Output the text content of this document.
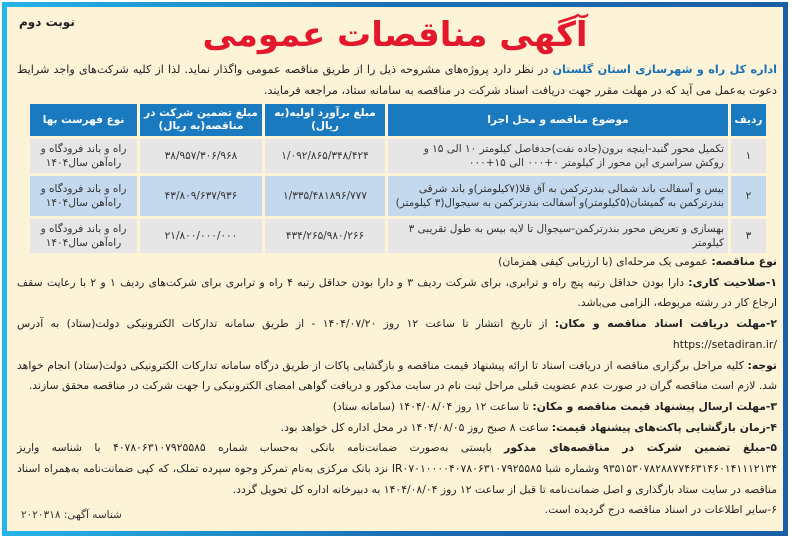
نوبت دوم	آگهی مناقصات عمومی
اداره کل راه و شهرسازی استان گلستان در نظر دارد پروژه‌های مشروحه ذیل را از طریق مناقصه عمومی واگذار نماید. لذا از کلیه شرکت‌های واجد شرایط دعوت به‌عمل می آید که در مهلت مقرر جهت دریافت اسناد شرکت در مناقصه به سامانه ستاد، مراجعه فرمایند.
ردیف	موضوع مناقصه و محل اجرا	مبلغ برآورد اولیه(به ریال)	مبلغ تضمین شرکت در مناقصه(به ریال)	نوع فهرست بها
۱	تکمیل محور گنبد-اینچه برون(جاده نفت)حدفاصل کیلومتر ۱۰ الی ۱۵ و روکش سراسری این محور از کیلومتر ۰+۰۰۰ الی ۱۵+۰۰۰	۱/۰۹۲/۸۶۵/۳۴۸/۴۲۴	۳۸/۹۵۷/۳۰۶/۹۶۸	راه و باند فرودگاه و راه‌آهن سال۱۴۰۴
۲	بیس و آسفالت باند شمالی بندرترکمن به آق قلا(۷کیلومتر)و باند شرقی بندرترکمن به گمیشان(۵کیلومتر)و آسفالت بندرترکمن به سیجوال(۳ کیلومتر)	۱/۳۳۵/۴۸۱۸۹۶/۷۷۷	۴۳/۸۰۹/۶۳۷/۹۳۶	راه و باند فرودگاه و راه‌آهن سال۱۴۰۴
۳	بهسازی و تعریض محور بندرترکمن-سیجوال تا لایه بیس به طول تقریبی ۳ کیلومتر	۴۳۴/۲۶۵/۹۸۰/۲۶۶	۲۱/۸۰۰/۰۰۰/۰۰۰	راه و باند فرودگاه و راه‌آهن سال۱۴۰۴

نوع مناقصه: عمومی یک مرحله‌ای (با ارزیابی کیفی همزمان)

۱-صلاحیت کاری: دارا بودن حداقل رتبه پنج راه و ترابری، برای شرکت ردیف ۳ و دارا بودن حداقل رتبه ۴ راه و ترابری برای شرکت‌های ردیف ۱ و ۲ با رعایت سقف ارجاع کار در رشته مربوطه، الزامی می‌باشد.

۲-مهلت دریافت اسناد مناقصه و مکان: از تاریخ انتشار تا ساعت ۱۲ روز ۱۴۰۴/۰۷/۲۰ - از طریق سامانه تدارکات الکترونیکی دولت(ستاد) به آدرس https://setadiran.ir/

توجه: کلیه مراحل برگزاری مناقصه از دریافت اسناد تا ارائه پیشنهاد قیمت مناقصه و بازگشایی پاکات از طریق درگاه سامانه تدارکات الکترونیکی دولت(ستاد) انجام خواهد شد. لازم است مناقصه گران در صورت عدم عضویت قبلی مراحل ثبت نام در سایت مذکور و دریافت گواهی امضای الکترونیکی را جهت شرکت در مناقصه محقق سازند.

۳-مهلت ارسال پیشنهاد قیمت مناقصه و مکان: تا ساعت ۱۲ روز ۱۴۰۴/۰۸/۰۴ (سامانه ستاد)

۴-زمان بازگشایی پاکت‌های پیشنهاد قیمت: ساعت ۸ صبح روز ۱۴۰۴/۰۸/۰۵ در محل اداره کل خواهد بود.

۵-مبلغ تضمین شرکت در مناقصه‌های مذکور بایستی به‌صورت ضمانت‌نامه بانکی به‌حساب شماره ۴۰۷۸۰۶۳۱۰۷۹۲۵۵۸۵ با شناسه واریز ۹۳۵۱۵۳۰۷۸۲۸۸۷۷۴۶۳۱۴۶۰۱۴۱۱۱۲۱۳۴ وشماره شبا IR۰۷۰۱۰۰۰۰۴۰۷۸۰۶۳۱۰۷۹۲۵۵۸۵ نزد بانک مرکزی به‌نام تمرکز وجوه سپرده تملک، که کپی ضمانت‌نامه به‌همراه اسناد مناقصه در سایت ستاد بارگذاری و اصل ضمانت‌نامه تا قبل از ساعت ۱۲ روز ۱۴۰۴/۰۸/۰۴ به دبیرخانه اداره کل تحویل گردد.

۶-سایر اطلاعات در اسناد مناقصه درج گردیده است.

شناسه آگهی: ۲۰۲۰۳۱۸
